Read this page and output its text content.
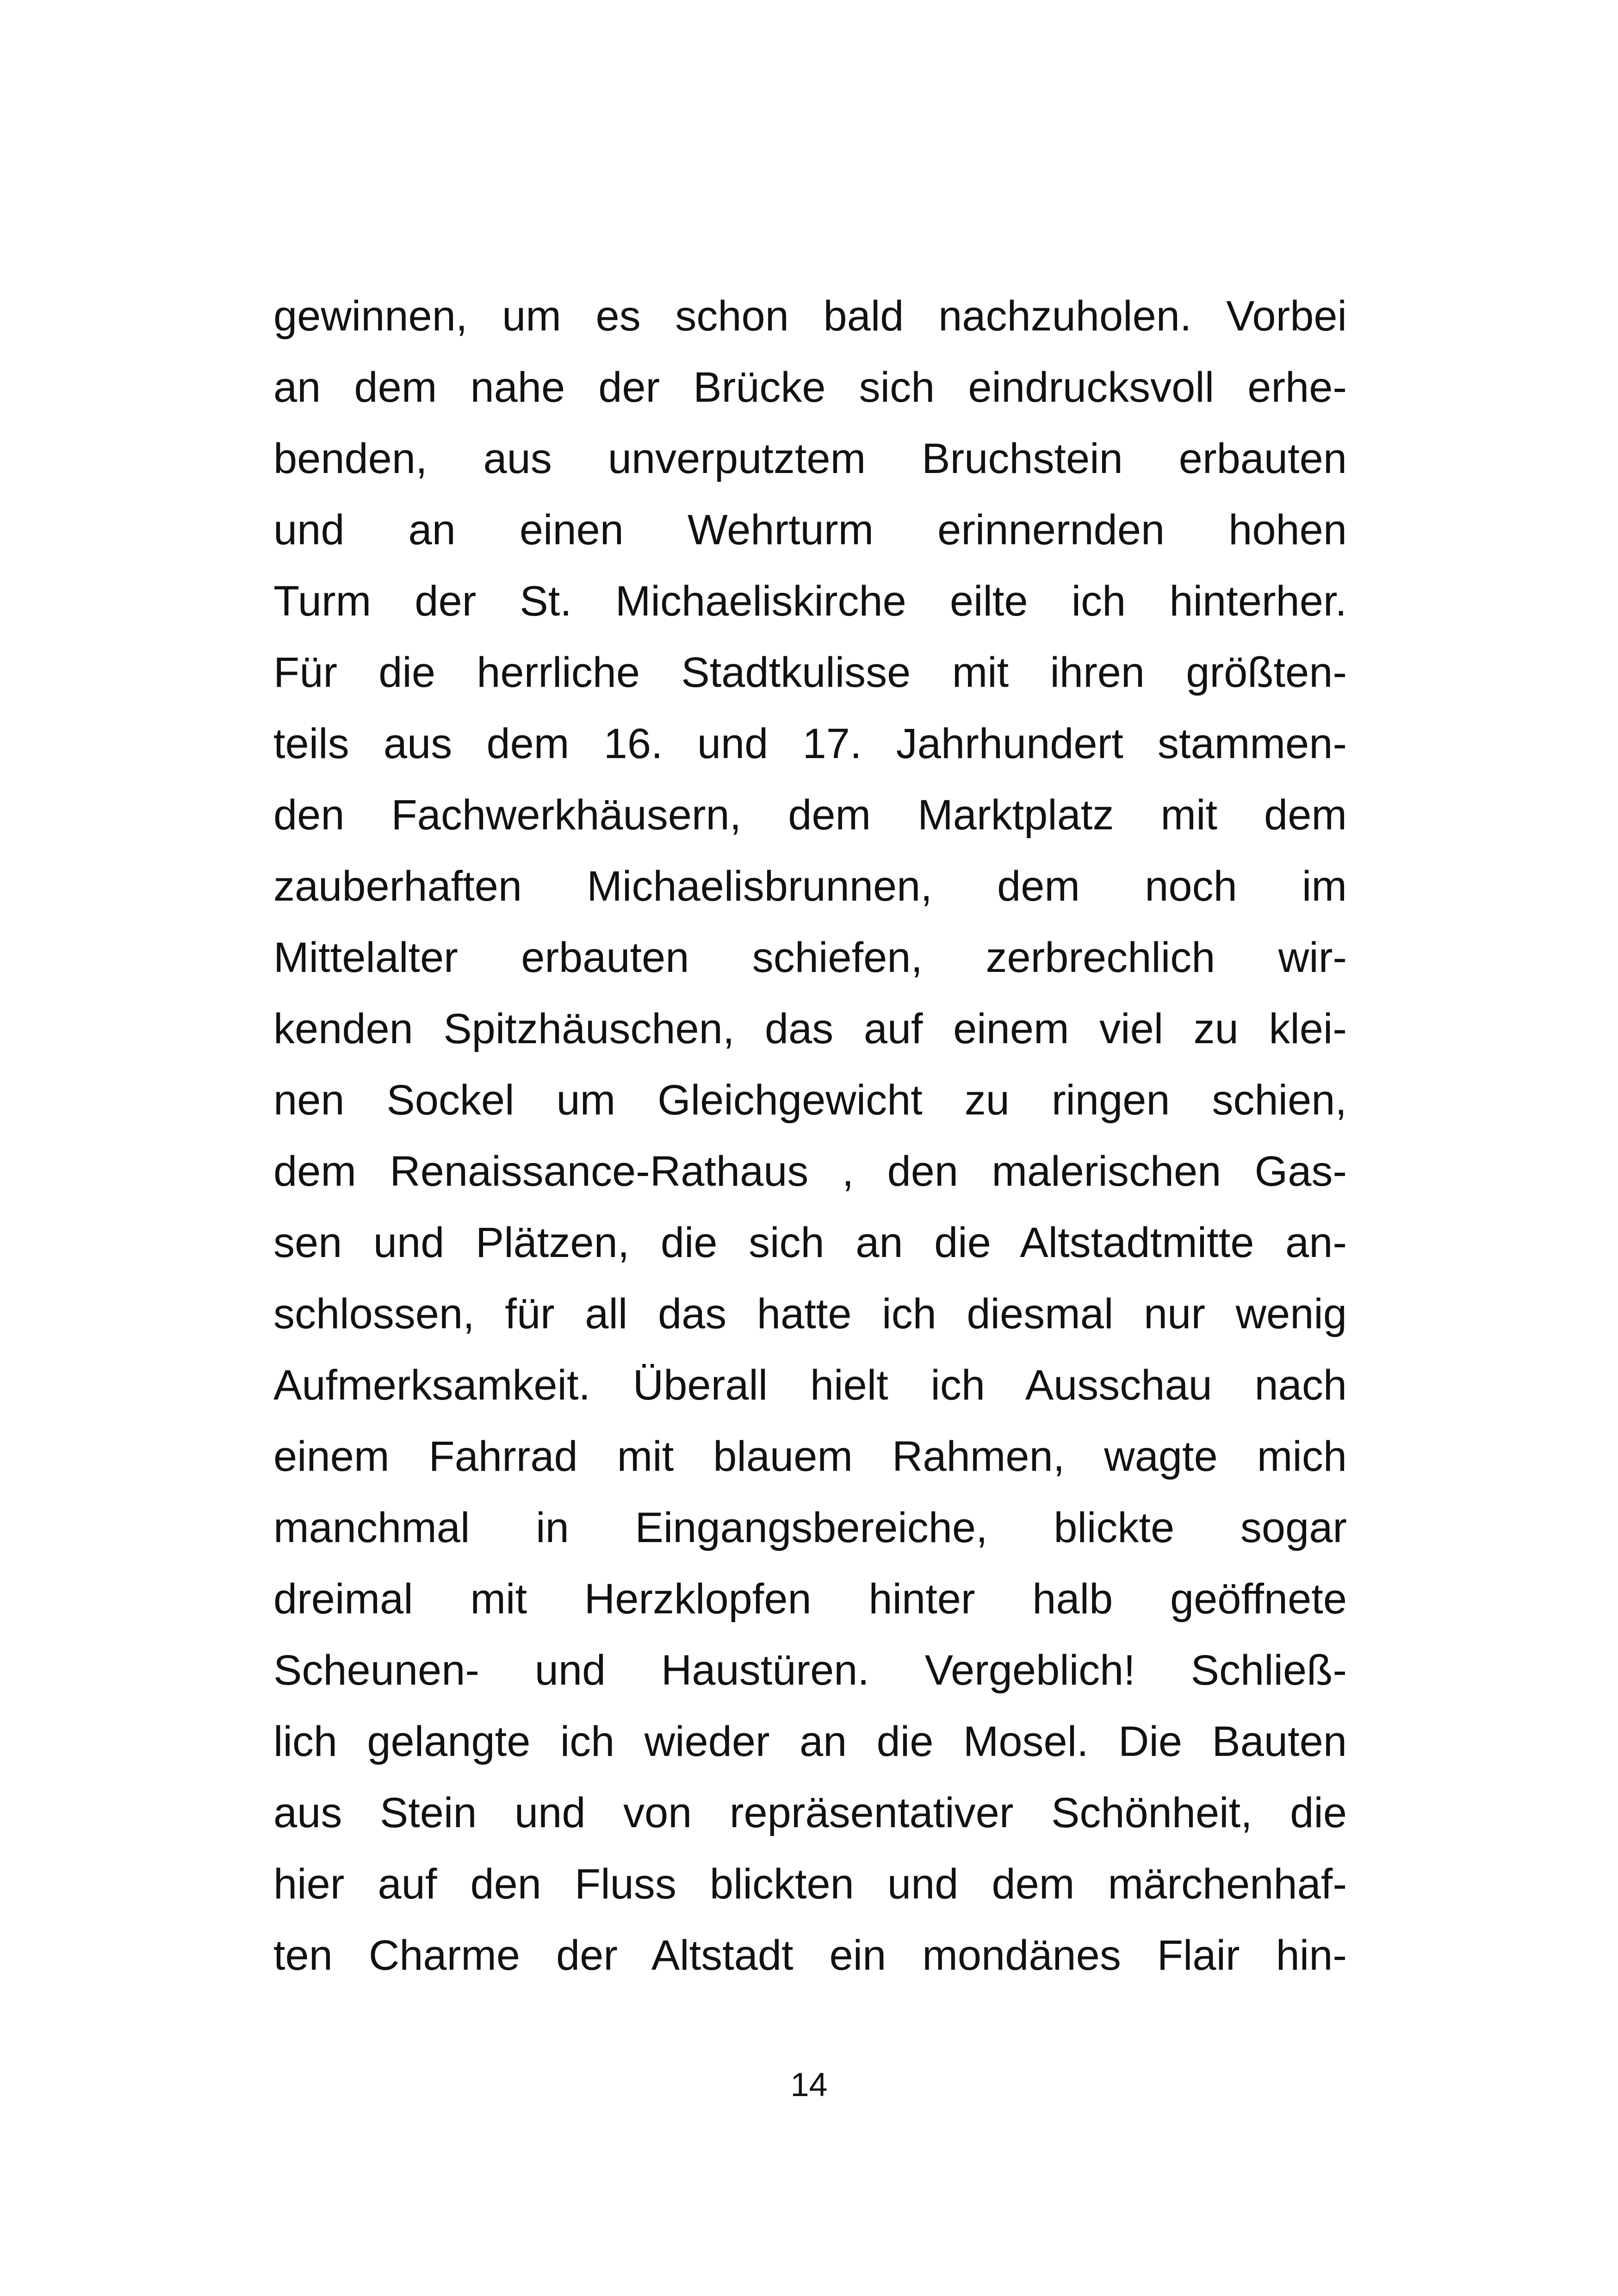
gewinnen, um es schon bald nachzuholen. Vorbei
an dem nahe der Brücke sich eindrucksvoll erhe-
benden, aus unverputztem Bruchstein erbauten
und an einen Wehrturm erinnernden hohen
Turm der St. Michaeliskirche eilte ich hinterher.
Für die herrliche Stadtkulisse mit ihren größten-
teils aus dem 16. und 17. Jahrhundert stammen-
den Fachwerkhäusern, dem Marktplatz mit dem
zauberhaften Michaelisbrunnen, dem noch im
Mittelalter erbauten schiefen, zerbrechlich wir-
kenden Spitzhäuschen, das auf einem viel zu klei-
nen Sockel um Gleichgewicht zu ringen schien,
dem Renaissance-Rathaus , den malerischen Gas-
sen und Plätzen, die sich an die Altstadtmitte an-
schlossen, für all das hatte ich diesmal nur wenig
Aufmerksamkeit. Überall hielt ich Ausschau nach
einem Fahrrad mit blauem Rahmen, wagte mich
manchmal in Eingangsbereiche, blickte sogar
dreimal mit Herzklopfen hinter halb geöffnete
Scheunen- und Haustüren. Vergeblich! Schließ-
lich gelangte ich wieder an die Mosel. Die Bauten
aus Stein und von repräsentativer Schönheit, die
hier auf den Fluss blickten und dem märchenhaf-
ten Charme der Altstadt ein mondänes Flair hin-
14
